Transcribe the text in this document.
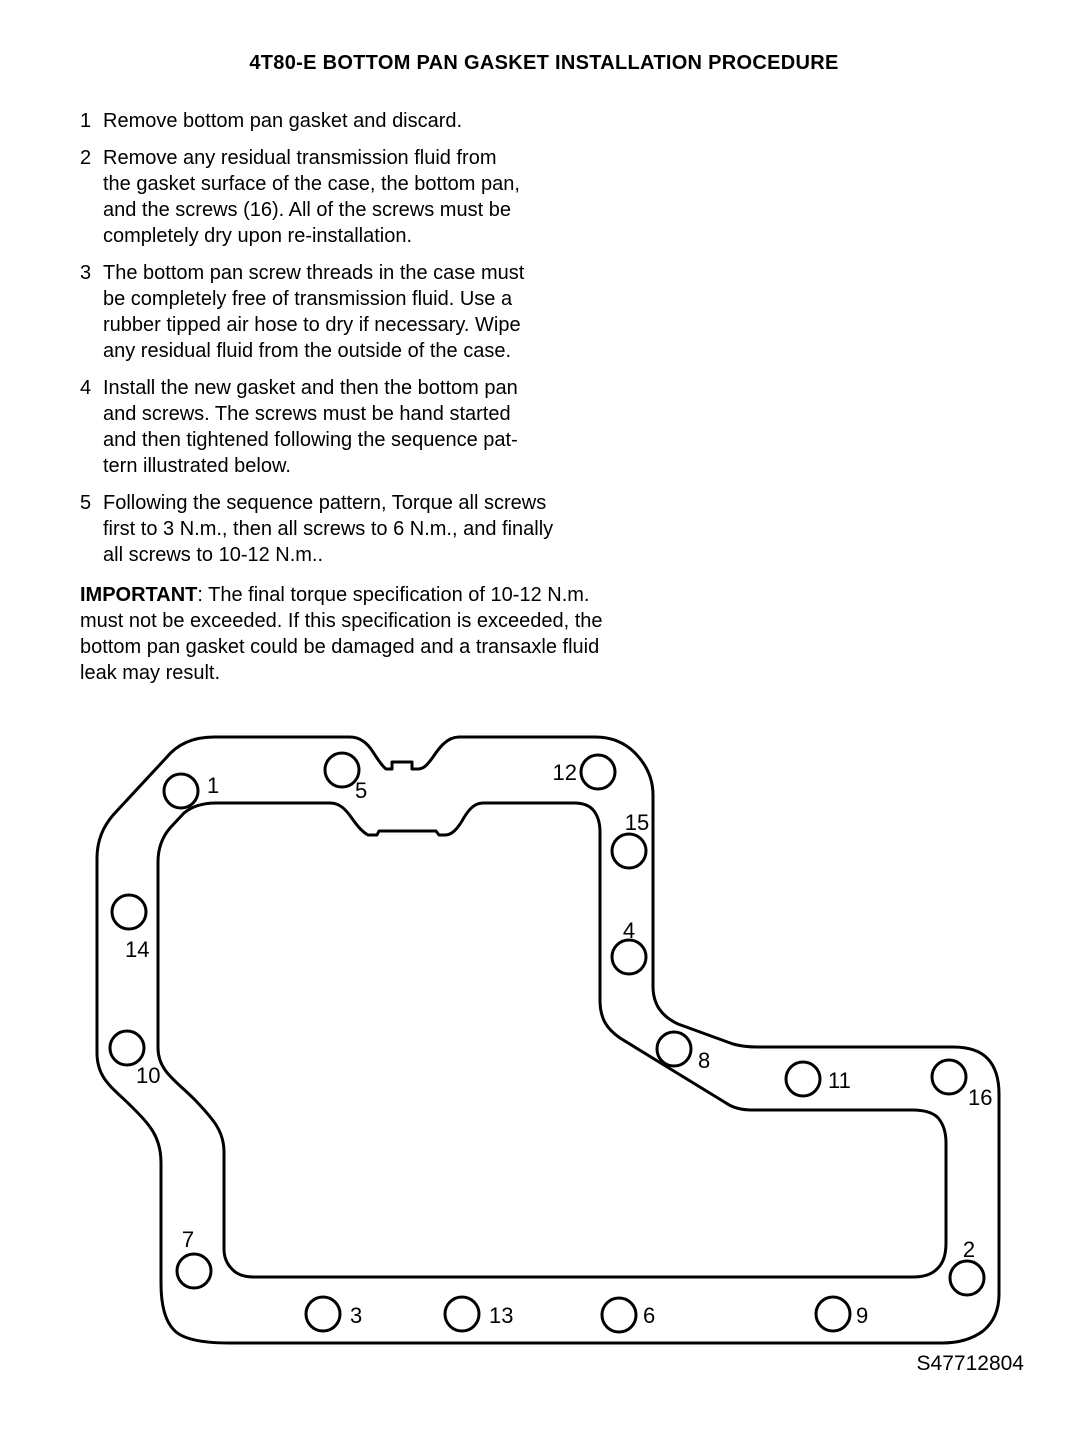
4T80-E BOTTOM PAN GASKET INSTALLATION PROCEDURE
1 Remove bottom pan gasket and discard.
2 Remove any residual transmission fluid from
the gasket surface of the case, the bottom pan,
and the screws (16). All of the screws must be
completely dry upon re-installation.
3 The bottom pan screw threads in the case must
be completely free of transmission fluid. Use a
rubber tipped air hose to dry if necessary. Wipe
any residual fluid from the outside of the case.
4 Install the new gasket and then the bottom pan
and screws. The screws must be hand started
and then tightened following the sequence pat-
tern illustrated below.
5 Following the sequence pattern, Torque all screws
first to 3 N.m., then all screws to 6 N.m., and finally
all screws to 10-12 N.m..
IMPORTANT: The final torque specification of 10-12 N.m.
must not be exceeded. If this specification is exceeded, the
bottom pan gasket could be damaged and a transaxle fluid
leak may result.
1
2
3
4
5
6
7
8
9
10	11
12
13
14
15
16
S47712804
